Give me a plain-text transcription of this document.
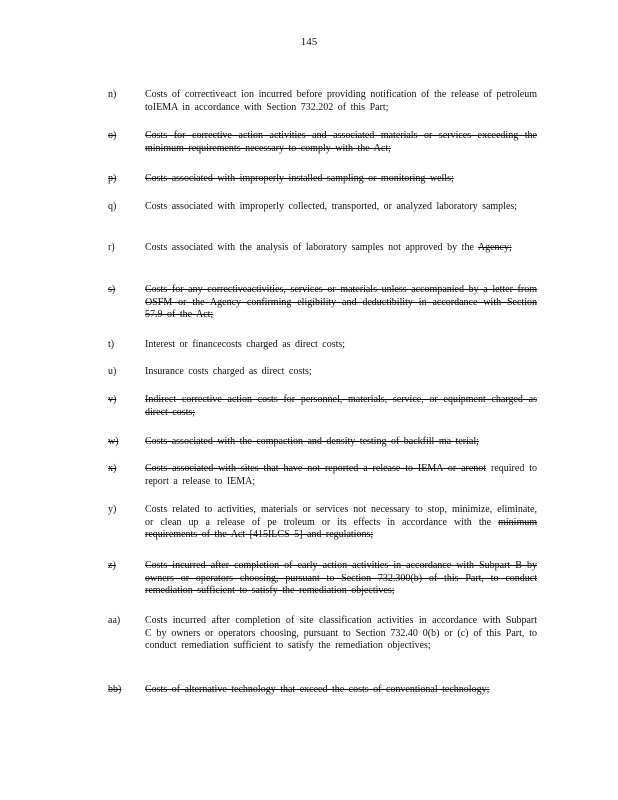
145
n)	Costs of correctiveact ion incurred before providing notification of the release of petroleum toIEMA in accordance with Section 732.202 of this Part;
o)	Costs for corrective action activities and associated materials or services exceeding the minimum requirements necessary to comply with the Act;
p)	Costs associated with improperly installed sampling or monitoring wells;
q)	Costs associated with improperly collected, transported, or analyzed laboratory samples;
r)	Costs associated with the analysis of laboratory samples not approved by the Agency;
s)	Costs for any correctiveactivities, services or materials unless accompanied by a letter from OSFM or the Agency confirming eligibility and deductibility in accordance with Section 57.9 of the Act;
t)	Interest or financecosts charged as direct costs;
u)	Insurance costs charged as direct costs;
v)	Indirect corrective action costs for personnel, materials, service, or equipment charged as direct costs;
w)	Costs associated with the compaction and density testing of backfill ma terial;
x)	Costs associated with sites that have not reported a release to IEMA or arenot required to report a release to IEMA;
y)	Costs related to activities, materials or services not necessary to stop, minimize, eliminate, or clean up a release of pe troleum or its effects in accordance with the minimum requirements of the Act [415ILCS 5] and regulations;
z)	Costs incurred after completion of early action activities in accordance with Subpart B by owners or operators choosing, pursuant to Section 732.300(b) of this Part, to conduct remediation sufficient to satisfy the remediation objectives;
aa) Costs incurred after completion of site classification activities in accordance with Subpart C by owners or operators choosing, pursuant to Section 732.40 0(b) or (c) of this Part, to conduct remediation sufficient to satisfy the remediation objectives;
bb) Costs of alternative technology that exceed the costs of conventional technology;
